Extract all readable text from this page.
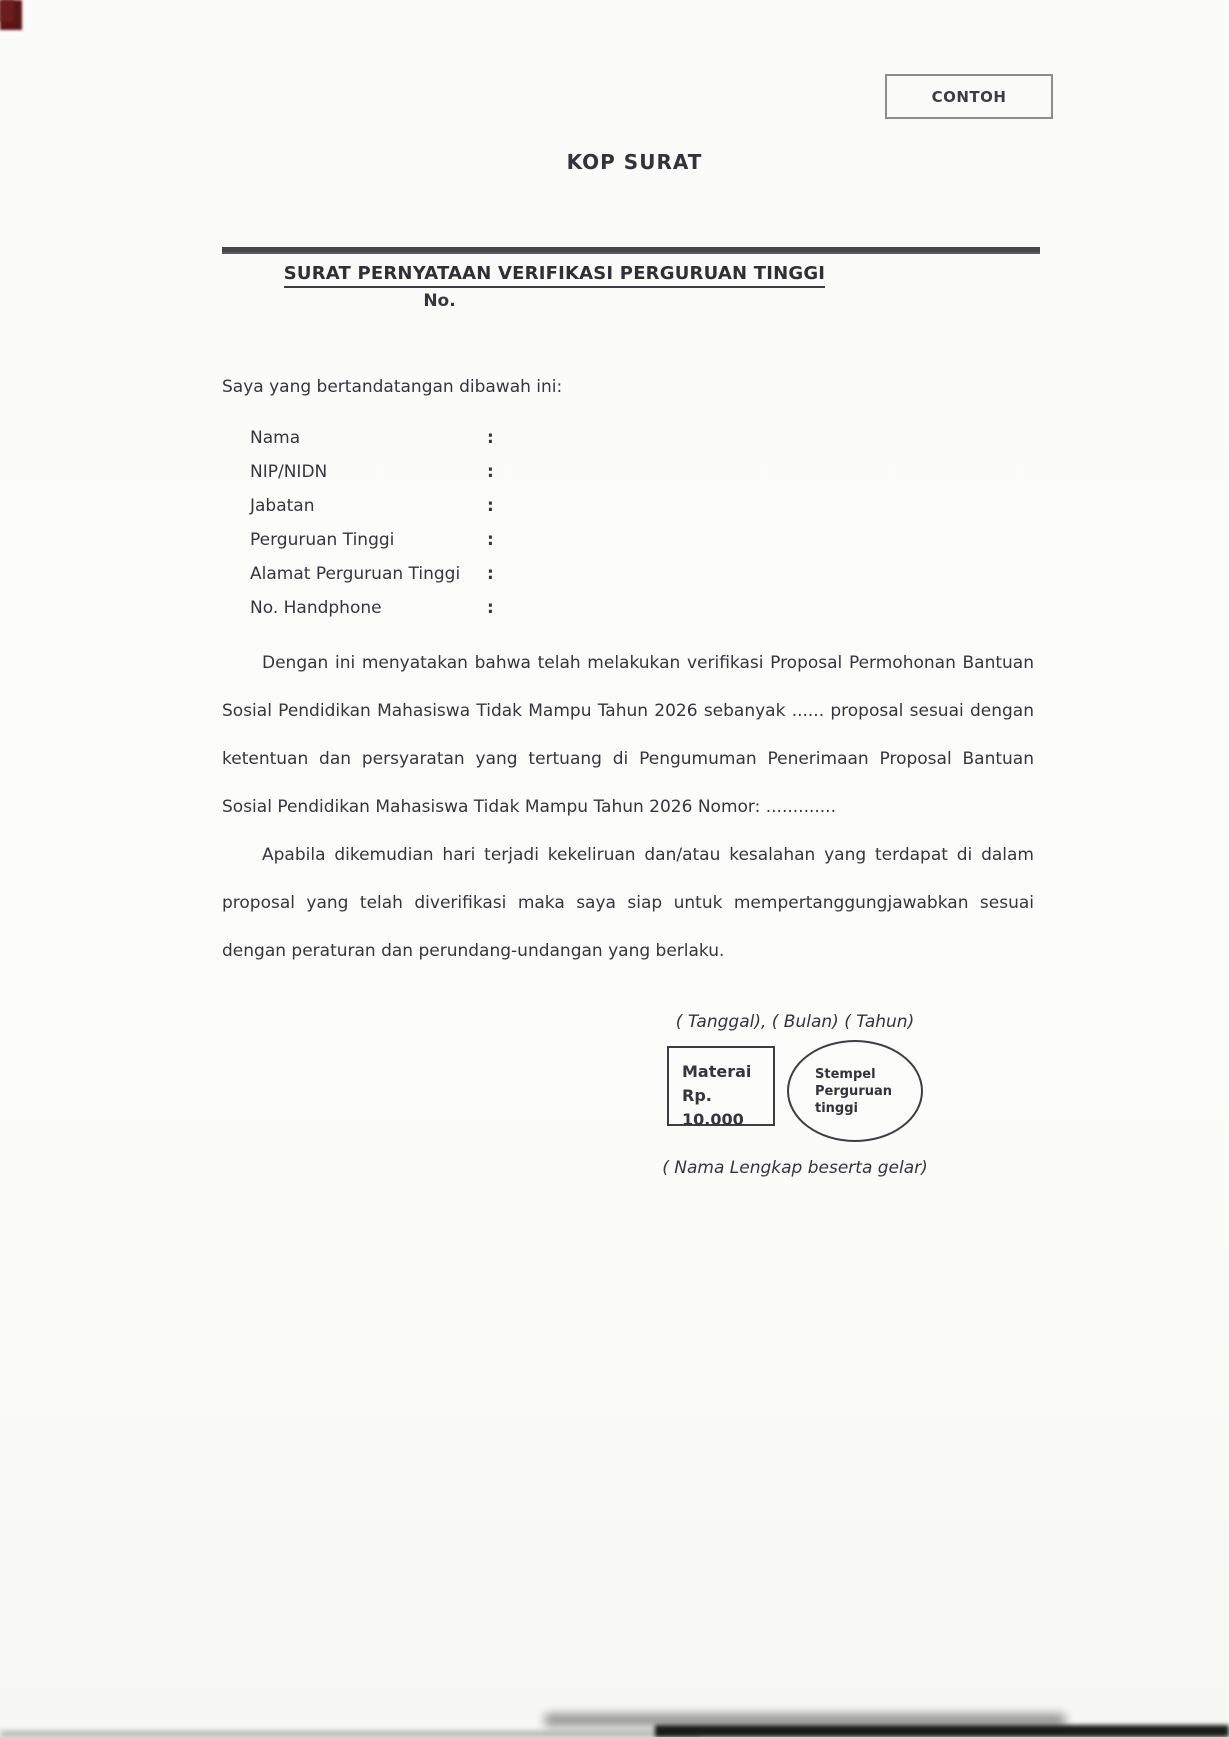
CONTOH
KOP SURAT
SURAT PERNYATAAN VERIFIKASI PERGURUAN TINGGI
No.
Saya yang bertandatangan dibawah ini:
Nama	:
NIP/NIDN	:
Jabatan	:
Perguruan Tinggi	:
Alamat Perguruan Tinggi	:
No. Handphone	:

Dengan ini menyatakan bahwa telah melakukan verifikasi Proposal Permohonan Bantuan Sosial Pendidikan Mahasiswa Tidak Mampu Tahun 2026 sebanyak ...... proposal sesuai dengan ketentuan dan persyaratan yang tertuang di Pengumuman Penerimaan Proposal Bantuan Sosial Pendidikan Mahasiswa Tidak Mampu Tahun 2026 Nomor: .............

Apabila dikemudian hari terjadi kekeliruan dan/atau kesalahan yang terdapat di dalam proposal yang telah diverifikasi maka saya siap untuk mempertanggungjawabkan sesuai dengan peraturan dan perundang-undangan yang berlaku.

( Tanggal), ( Bulan) ( Tahun)
Materai
Rp. 10.000
Stempel
Perguruan
tinggi
( Nama Lengkap beserta gelar)
